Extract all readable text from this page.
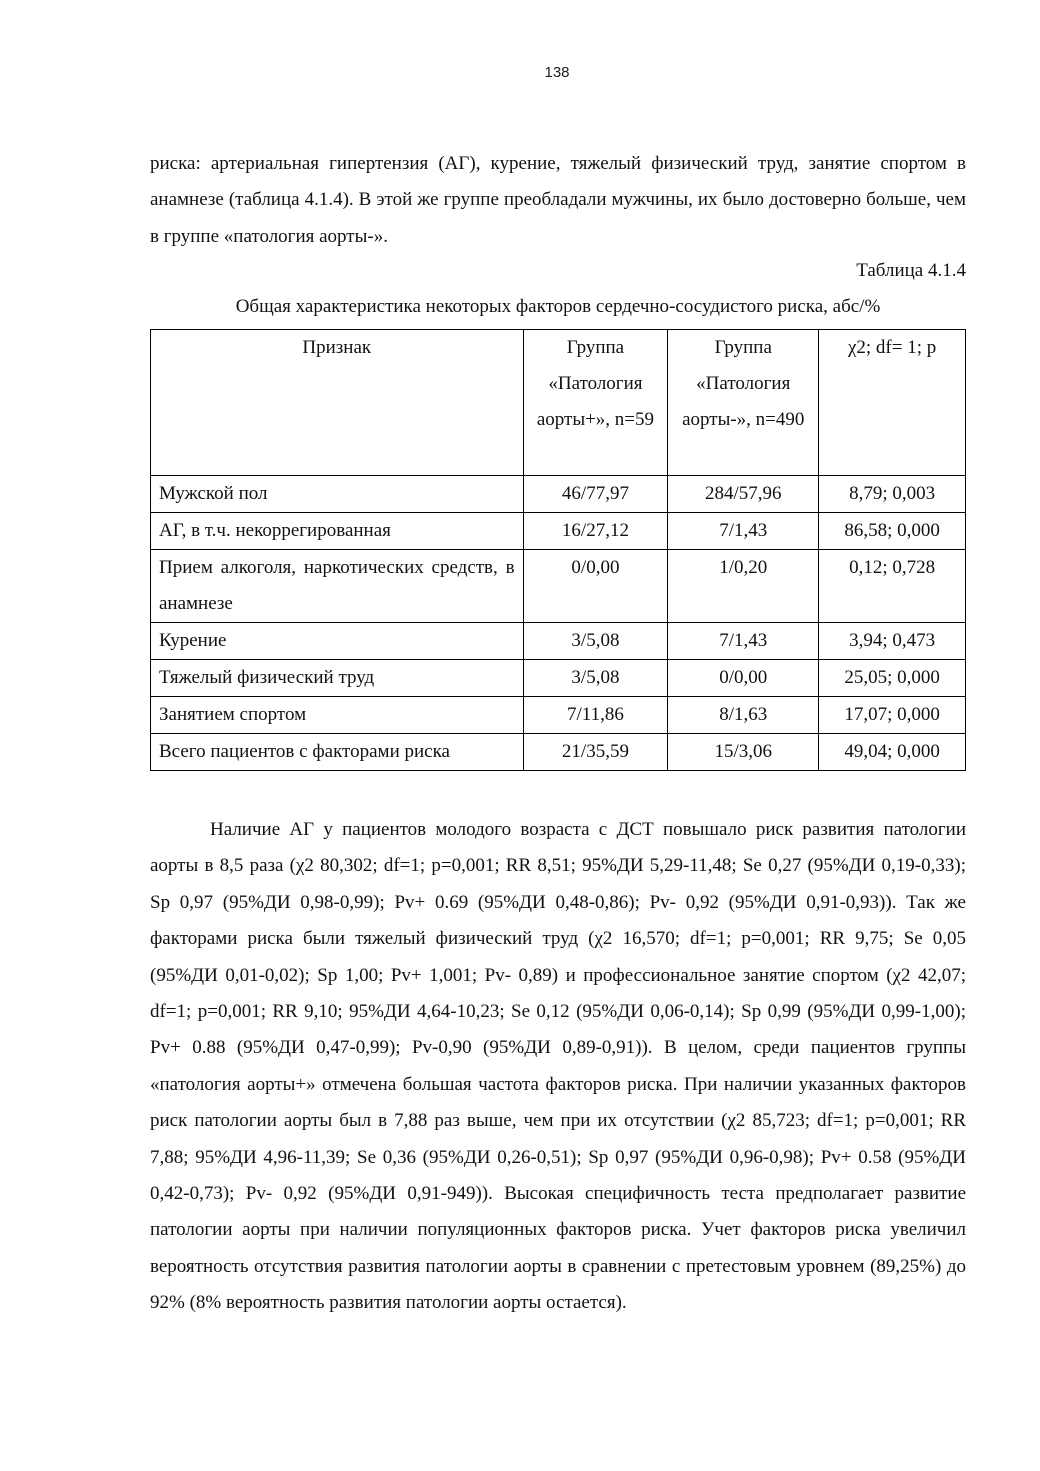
138

риска: артериальная гипертензия (АГ), курение, тяжелый физический труд, занятие спортом в анамнезе (таблица 4.1.4). В этой же группе преобладали мужчины, их было достоверно больше, чем в группе «патология аорты-».

Таблица 4.1.4
Общая характеристика некоторых факторов сердечно-сосудистого риска, абс/%
Признак	Группа «Патология аорты+», n=59	Группа «Патология аорты-», n=490	χ2; df= 1; p
Мужской пол	46/77,97	284/57,96	8,79; 0,003
АГ, в т.ч. некоррегированная	16/27,12	7/1,43	86,58; 0,000
Прием алкоголя, наркотических средств, в анамнезе	0/0,00	1/0,20	0,12; 0,728
Курение	3/5,08	7/1,43	3,94; 0,473
Тяжелый физический труд	3/5,08	0/0,00	25,05; 0,000
Занятием спортом	7/11,86	8/1,63	17,07; 0,000
Всего пациентов с факторами риска	21/35,59	15/3,06	49,04; 0,000

Наличие АГ у пациентов молодого возраста с ДСТ повышало риск развития патологии аорты в 8,5 раза (χ2 80,302; df=1; p=0,001; RR 8,51; 95%ДИ 5,29-11,48; Se 0,27 (95%ДИ 0,19-0,33); Sp 0,97 (95%ДИ 0,98-0,99); Pv+ 0.69 (95%ДИ 0,48-0,86); Pv- 0,92 (95%ДИ 0,91-0,93)). Так же факторами риска были тяжелый физический труд (χ2 16,570; df=1; p=0,001; RR 9,75; Se 0,05 (95%ДИ 0,01-0,02); Sp 1,00; Pv+ 1,001; Pv- 0,89) и профессиональное занятие спортом (χ2 42,07; df=1; p=0,001; RR 9,10; 95%ДИ 4,64-10,23; Se 0,12 (95%ДИ 0,06-0,14); Sp 0,99 (95%ДИ 0,99-1,00); Pv+ 0.88 (95%ДИ 0,47-0,99); Pv-0,90 (95%ДИ 0,89-0,91)). В целом, среди пациентов группы «патология аорты+» отмечена большая частота факторов риска. При наличии указанных факторов риск патологии аорты был в 7,88 раз выше, чем при их отсутствии (χ2 85,723; df=1; p=0,001; RR 7,88; 95%ДИ 4,96-11,39; Se 0,36 (95%ДИ 0,26-0,51); Sp 0,97 (95%ДИ 0,96-0,98); Pv+ 0.58 (95%ДИ 0,42-0,73); Pv- 0,92 (95%ДИ 0,91-949)). Высокая специфичность теста предполагает развитие патологии аорты при наличии популяционных факторов риска. Учет факторов риска увеличил вероятность отсутствия развития патологии аорты в сравнении с претестовым уровнем (89,25%) до 92% (8% вероятность развития патологии аорты остается).
